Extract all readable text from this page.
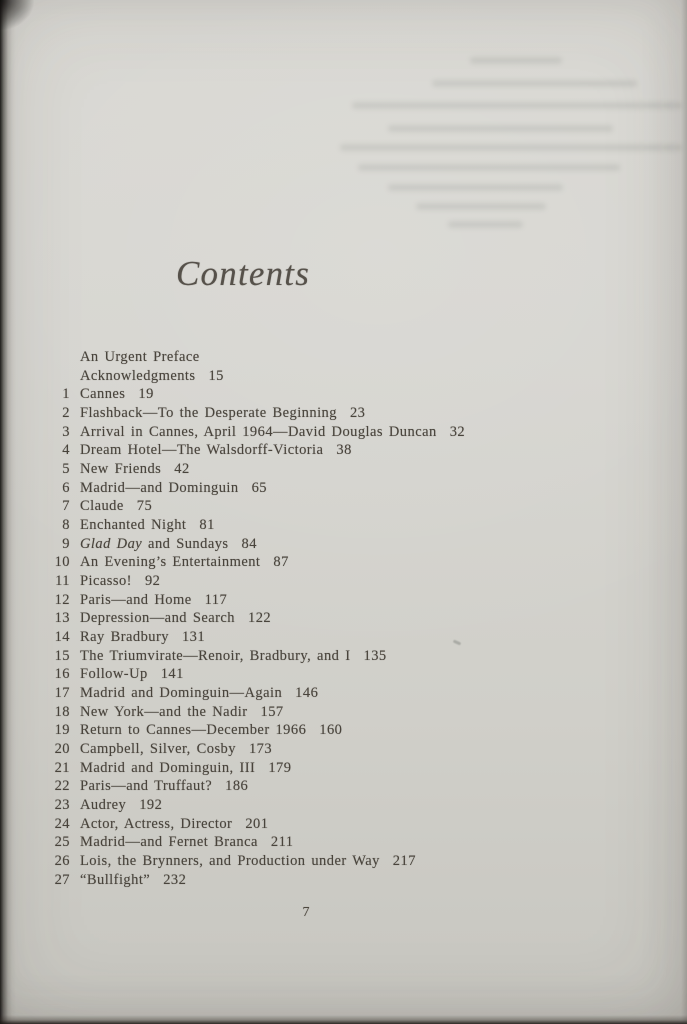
Contents
An Urgent Preface
Acknowledgments 15
1 Cannes 19
2 Flashback—To the Desperate Beginning 23
3 Arrival in Cannes, April 1964—David Douglas Duncan 32
4 Dream Hotel—The Walsdorff-Victoria 38
5 New Friends 42
6 Madrid—and Dominguin 65
7 Claude 75
8 Enchanted Night 81
9 Glad Day and Sundays 84
10 An Evening’s Entertainment 87
11 Picasso! 92
12 Paris—and Home 117
13 Depression—and Search 122
14 Ray Bradbury 131
15 The Triumvirate—Renoir, Bradbury, and I 135
16 Follow-Up 141
17 Madrid and Dominguin—Again 146
18 New York—and the Nadir 157
19 Return to Cannes—December 1966 160
20 Campbell, Silver, Cosby 173
21 Madrid and Dominguin, III 179
22 Paris—and Truffaut? 186
23 Audrey 192
24 Actor, Actress, Director 201
25 Madrid—and Fernet Branca 211
26 Lois, the Brynners, and Production under Way 217
27 “Bullfight” 232
7
